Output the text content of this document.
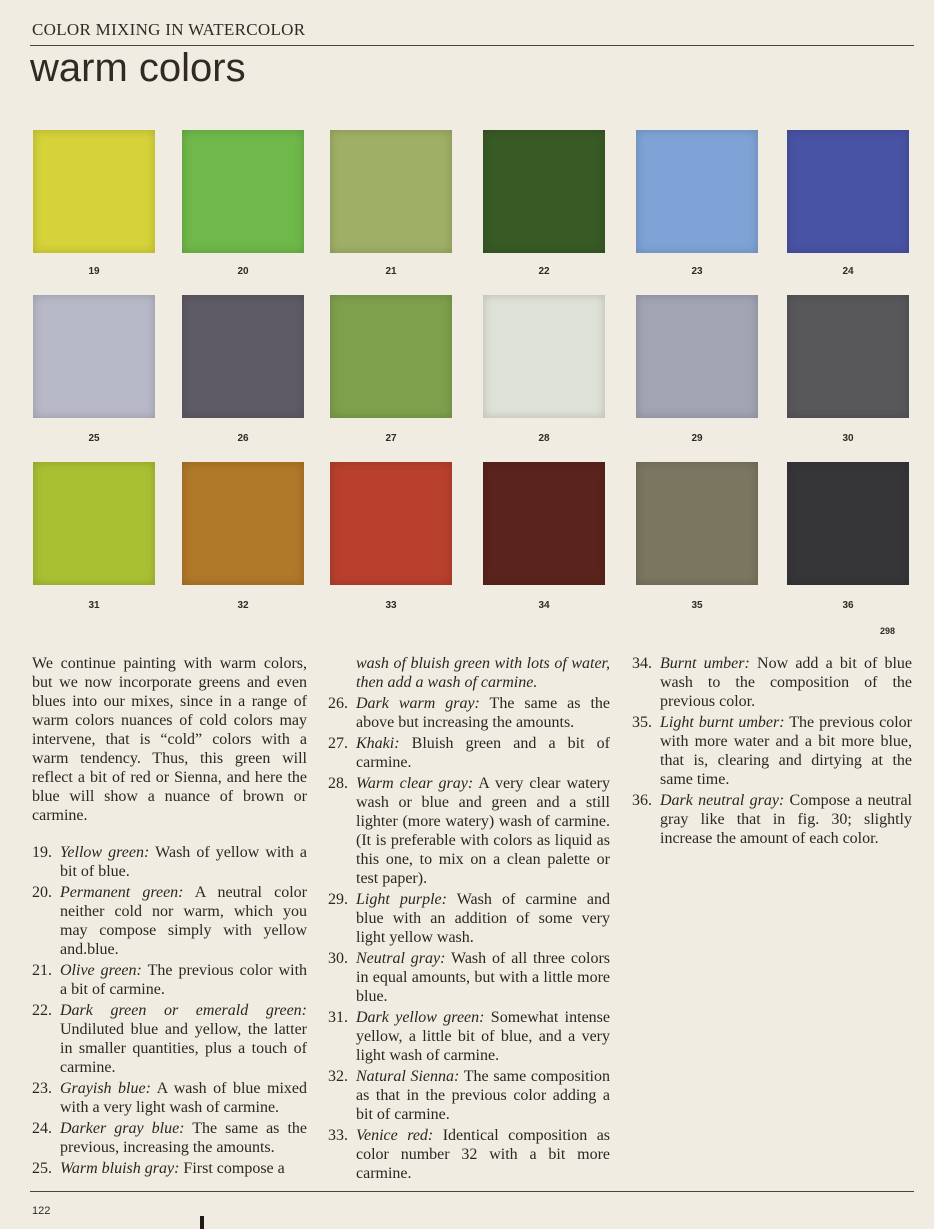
COLOR MIXING IN WATERCOLOR
warm colors
19	20	21	22	23	24
25	26	27	28	29	30
31	32	33	34	35	36
298

We continue painting with warm colors, but we now incorporate greens and even blues into our mixes, since in a range of warm colors nuances of cold colors may intervene, that is “cold” colors with a warm tendency. Thus, this green will reflect a bit of red or Sienna, and here the blue will show a nuance of brown or carmine.

19. Yellow green: Wash of yellow with a bit of blue.
20. Permanent green: A neutral color neither cold nor warm, which you may compose simply with yellow and.blue.
21. Olive green: The previous color with a bit of carmine.
22. Dark green or emerald green: Undiluted blue and yellow, the latter in smaller quantities, plus a touch of carmine.
23. Grayish blue: A wash of blue mixed with a very light wash of carmine.
24. Darker gray blue: The same as the previous, increasing the amounts.
25. Warm bluish gray: First compose a
wash of bluish green with lots of water, then add a wash of carmine.
26. Dark warm gray: The same as the above but increasing the amounts.
27. Khaki: Bluish green and a bit of carmine.
28. Warm clear gray: A very clear watery wash or blue and green and a still lighter (more watery) wash of carmine. (It is preferable with colors as liquid as this one, to mix on a clean palette or test paper).
29. Light purple: Wash of carmine and blue with an addition of some very light yellow wash.
30. Neutral gray: Wash of all three colors in equal amounts, but with a little more blue.
31. Dark yellow green: Somewhat intense yellow, a little bit of blue, and a very light wash of carmine.
32. Natural Sienna: The same composition as that in the previous color adding a bit of carmine.
33. Venice red: Identical composition as color number 32 with a bit more carmine.
34. Burnt umber: Now add a bit of blue wash to the composition of the previous color.
35. Light burnt umber: The previous color with more water and a bit more blue, that is, clearing and dirtying at the same time.
36. Dark neutral gray: Compose a neutral gray like that in fig. 30; slightly increase the amount of each color.
122
